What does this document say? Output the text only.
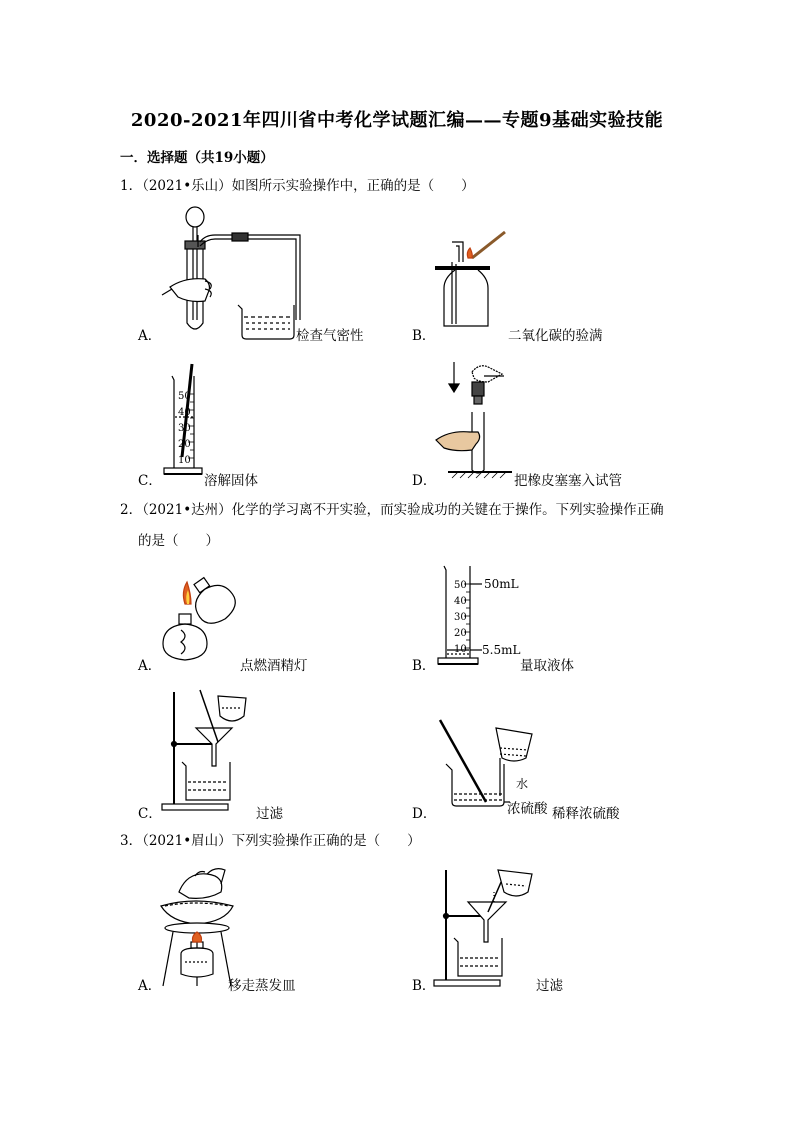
2020-2021年四川省中考化学试题汇编——专题9基础实验技能
一．选择题（共19小题）
1．（2021•乐山）如图所示实验操作中，正确的是（　　）
A．	检查气密性	B．	二氧化碳的验满
50
40
30
20
10
C．	溶解固体	D．	把橡皮塞塞入试管
2．（2021•达州）化学的学习离不开实验，而实验成功的关键在于操作。下列实验操作正确
的是（　　）
A．	点燃酒精灯
50
40
30
20
10
50mL
5.5mL
B．	量取液体
C．	过滤
水
浓硫酸
D．	稀释浓硫酸
3．（2021•眉山）下列实验操作正确的是（　　）
A．	移走蒸发皿	B．	过滤
